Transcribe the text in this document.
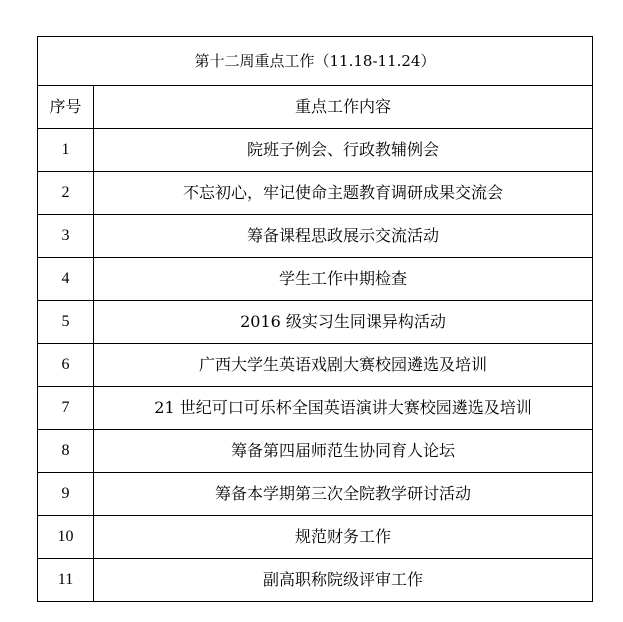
第十二周重点工作（11.18-11.24）	
序号	重点工作内容
1	院班子例会、行政教辅例会
2	不忘初心，牢记使命主题教育调研成果交流会
3	筹备课程思政展示交流活动
4	学生工作中期检查
5	2016 级实习生同课异构活动
6	广西大学生英语戏剧大赛校园遴选及培训
7	21 世纪可口可乐杯全国英语演讲大赛校园遴选及培训
8	筹备第四届师范生协同育人论坛
9	筹备本学期第三次全院教学研讨活动
10	规范财务工作
11	副高职称院级评审工作
